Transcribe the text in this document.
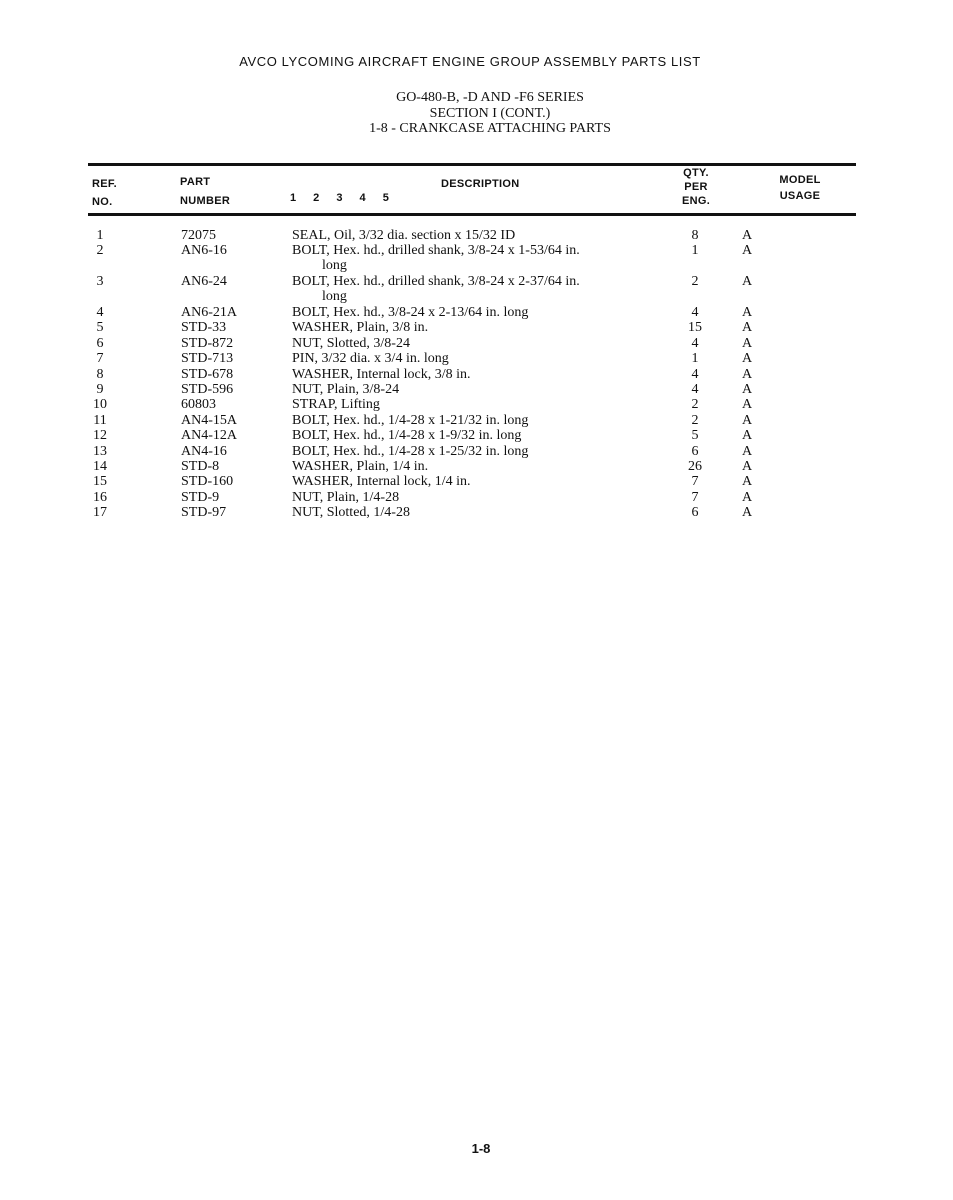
AVCO LYCOMING AIRCRAFT ENGINE GROUP ASSEMBLY PARTS LIST
GO-480-B, -D AND -F6 SERIES
SECTION I (CONT.)
1-8 - CRANKCASE ATTACHING PARTS
REF.
NO.
PART
NUMBER
DESCRIPTION
1 2 3 4 5
QTY.
PER
ENG.
MODEL
USAGE
1	72075	SEAL, Oil, 3/32 dia. section x 15/32 ID	8	A
2	AN6-16	BOLT, Hex. hd., drilled shank, 3/8-24 x 1-53/64 in.	1	A
long
3	AN6-24	BOLT, Hex. hd., drilled shank, 3/8-24 x 2-37/64 in.	2	A
long
4	AN6-21A	BOLT, Hex. hd., 3/8-24 x 2-13/64 in. long	4	A
5	STD-33	WASHER, Plain, 3/8 in.	15	A
6	STD-872	NUT, Slotted, 3/8-24	4	A
7	STD-713	PIN, 3/32 dia. x 3/4 in. long	1	A
8	STD-678	WASHER, Internal lock, 3/8 in.	4	A
9	STD-596	NUT, Plain, 3/8-24	4	A
10	60803	STRAP, Lifting	2	A
11	AN4-15A	BOLT, Hex. hd., 1/4-28 x 1-21/32 in. long	2	A
12	AN4-12A	BOLT, Hex. hd., 1/4-28 x 1-9/32 in. long	5	A
13	AN4-16	BOLT, Hex. hd., 1/4-28 x 1-25/32 in. long	6	A
14	STD-8	WASHER, Plain, 1/4 in.	26	A
15	STD-160	WASHER, Internal lock, 1/4 in.	7	A
16	STD-9	NUT, Plain, 1/4-28	7	A
17	STD-97	NUT, Slotted, 1/4-28	6	A
1-8
